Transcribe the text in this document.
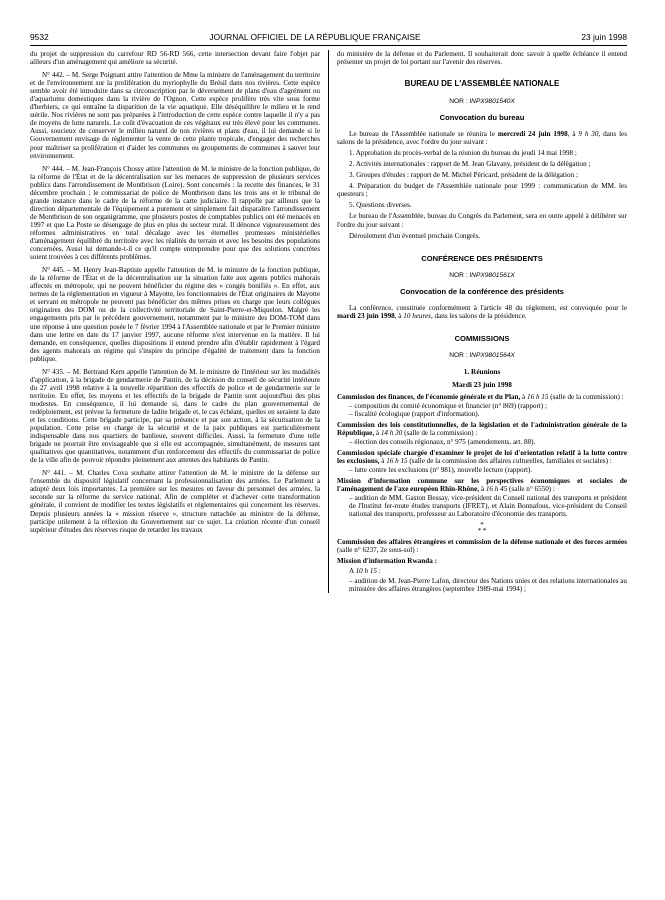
9532	JOURNAL OFFICIEL DE LA RÉPUBLIQUE FRANÇAISE	23 juin 1998

du projet de suppression du carrefour RD 56-RD 566, cette intersection devant faire l'objet par ailleurs d'un aménagement qui améliore sa sécurité.

N° 442. – M. Serge Poignant attire l'attention de Mme la ministre de l'aménagement du territoire et de l'environnement sur la prolifération du myriophylle du Brésil dans nos rivières. Cette espèce semble avoir été introduite dans sa circonscription par le déversement de plans d'eau d'agrément ou d'aquariums domestiques dans la rivière de l'Ognon. Cette espèce prolifère très vite sous forme d'herbiers, ce qui entraîne la disparition de la vie aquatique. Elle déséquilibre le milieu et le rend stérile. Nos rivières ne sont pas préparées à l'introduction de cette espèce contre laquelle il n'y a pas de moyens de lutte naturels. Le coût d'évacuation de ces végétaux est très élevé pour les communes. Aussi, soucieux de conserver le milieu naturel de nos rivières et plans d'eau, il lui demande si le Gouvernement envisage de réglementer la vente de cette plante tropicale, d'engager des recherches pour maîtriser sa prolifération et d'aider les communes ou groupements de communes à sauver leur environnement.

N° 444. – M. Jean-François Chossy attire l'attention de M. le ministre de la fonction publique, de la réforme de l'État et de la décentralisation sur les menaces de suppression de plusieurs services publics dans l'arrondissement de Montbrison (Loire). Sont concernés : la recette des finances, le 31 décembre prochain ; le commissariat de police de Montbrison dans les trois ans et le tribunal de grande instance dans le cadre de la réforme de la carte judiciaire. Il rappelle par ailleurs que la direction départementale de l'équipement a purement et simplement fait disparaître l'arrondissement de Montbrison de son organigramme, que plusieurs postes de comptables publics ont été menacés en 1997 et que La Poste se désengage de plus en plus du secteur rural. Il dénonce vigoureusement des réformes administratives en total décalage avec les éternelles promesses ministérielles d'aménagement équilibré du territoire avec les réalités du terrain et avec les besoins des populations concernées. Aussi lui demande-t-il ce qu'il compte entreprendre pour que des solutions concrètes soient trouvées à ces différents problèmes.

N° 445. – M. Henry Jean-Baptiste appelle l'attention de M. le ministre de la fonction publique, de la réforme de l'État et de la décentralisation sur la situation faite aux agents publics mahorais affectés en métropole, qui ne peuvent bénéficier du régime des « congés bonifiés ». En effet, aux termes de la réglementation en vigueur à Mayotte, les fonctionnaires de l'État originaires de Mayotte et servant en métropole ne peuvent pas bénéficier des mêmes prises en charge que leurs collègues originaires des DOM ou de la collectivité territoriale de Saint-Pierre-et-Miquelon. Malgré les engagements pris par le précédent gouvernement, notamment par le ministre des DOM-TOM dans une réponse à une question posée le 7 février 1994 à l'Assemblée nationale et par le Premier ministre dans une lettre en date du 17 janvier 1997, aucune réforme n'est intervenue en la matière. Il lui demande, en conséquence, quelles dispositions il entend prendre afin d'établir rapidement à l'égard des agents mahorais un régime qui s'inspire du principe d'égalité de traitement dans la fonction publique.

N° 435. – M. Bertrand Kern appelle l'attention de M. le ministre de l'intérieur sur les modalités d'application, à la brigade de gendarmerie de Pantin, de la décision du conseil de sécurité intérieure du 27 avril 1998 relative à la nouvelle répartition des effectifs de police et de gendarmerie sur le territoire. En effet, les moyens et les effectifs de la brigade de Pantin sont aujourd'hui des plus modestes. En conséquence, il lui demande si, dans le cadre du plan gouvernemental de redéploiement, est prévue la fermeture de ladite brigade et, le cas échéant, quelles en seraient la date et les conditions. Cette brigade participe, par sa présence et par son action, à la sécurisation de la population. Cette prise en charge de la sécurité et de la paix publiques est particulièrement indispensable dans nos quartiers de banlieue, souvent difficiles. Aussi, la fermeture d'une telle brigade ne pourrait être envisageable que si elle est accompagnée, simultanément, de mesures tant qualitatives que quantitatives, notamment d'un renforcement des effectifs du commissariat de police de la ville afin de pouvoir répondre pleinement aux attentes des habitants de Pantin.

N° 441. – M. Charles Cova souhaite attirer l'attention de M. le ministre de la défense sur l'ensemble du dispositif législatif concernant la professionnalisation des armées. Le Parlement a adopté deux lois importantes. La première sur les mesures en faveur du personnel des armées, la seconde sur la réforme du service national. Afin de compléter et d'achever cette transformation générale, il convient de modifier les textes législatifs et réglementaires qui concernent les réserves. Depuis plusieurs années la « mission réserve », structure rattachée au ministre de la défense, participe utilement à la réflexion du Gouvernement sur ce sujet. La création récente d'un conseil supérieur d'études des réserves risque de retarder les travaux

du ministère de la défense et du Parlement. Il souhaiterait donc savoir à quelle échéance il entend présenter un projet de loi portant sur l'avenir des réserves.

BUREAU DE L'ASSEMBLÉE NATIONALE
NOR : INPX9801540X
Convocation du bureau

Le bureau de l'Assemblée nationale se réunira le mercredi 24 juin 1998, à 9 h 30, dans les salons de la présidence, avec l'ordre du jour suivant :

1. Approbation du procès-verbal de la réunion du bureau du jeudi 14 mai 1998 ;

2. Activités internationales : rapport de M. Jean Glavany, président de la délégation ;

3. Groupes d'études : rapport de M. Michel Péricard, président de la délégation ;

4. Préparation du budget de l'Assemblée nationale pour 1999 : communication de MM. les questeurs ;

5. Questions diverses.

Le bureau de l'Assemblée, bureau du Congrès du Parlement, sera en outre appelé à délibérer sur l'ordre du jour suivant :

Déroulement d'un éventuel prochain Congrès.

CONFÉRENCE DES PRÉSIDENTS
NOR : INPX9801561X
Convocation de la conférence des présidents

La conférence, constituée conformément à l'article 48 du règlement, est convoquée pour le mardi 23 juin 1998, à 10 heures, dans les salons de la présidence.

COMMISSIONS
NOR : INPX9801564X
1. Réunions
Mardi 23 juin 1998
Commission des finances, de l'économie générale et du Plan, à 16 h 15 (salle de la commission) :
– composition du comité économique et financier (n° 869) (rapport) ;
– fiscalité écologique (rapport d'information).
Commission des lois constitutionnelles, de la législation et de l'administration générale de la République, à 14 h 30 (salle de la commission) :
– élection des conseils régionaux, n° 975 (amendements, art. 88).
Commission spéciale chargée d'examiner le projet de loi d'orientation relatif à la lutte contre les exclusions, à 16 h 15 (salle de la commission des affaires culturelles, familiales et sociales) :
– lutte contre les exclusions (n° 981), nouvelle lecture (rapport).
Mission d'information commune sur les perspectives économiques et sociales de l'aménagement de l'axe européen Rhin-Rhône, à 16 h 45 (salle n° 6550) :
– audition de MM. Gaston Bessay, vice-président du Conseil national des transports et président de l'Institut fer-route études transports (IFRET), et Alain Bonnafous, vice-président du Conseil national des transports, professeur au Laboratoire d'économie des transports.
*
* *
Commission des affaires étrangères et commission de la défense nationale et des forces armées (salle n° 6237, 2e sous-sol) :
Mission d'information Rwanda :

A 10 h 15 :

– audition de M. Jean-Pierre Lafon, directeur des Nations unies et des relations internationales au ministère des affaires étrangères (septembre 1989-mai 1994) ;
